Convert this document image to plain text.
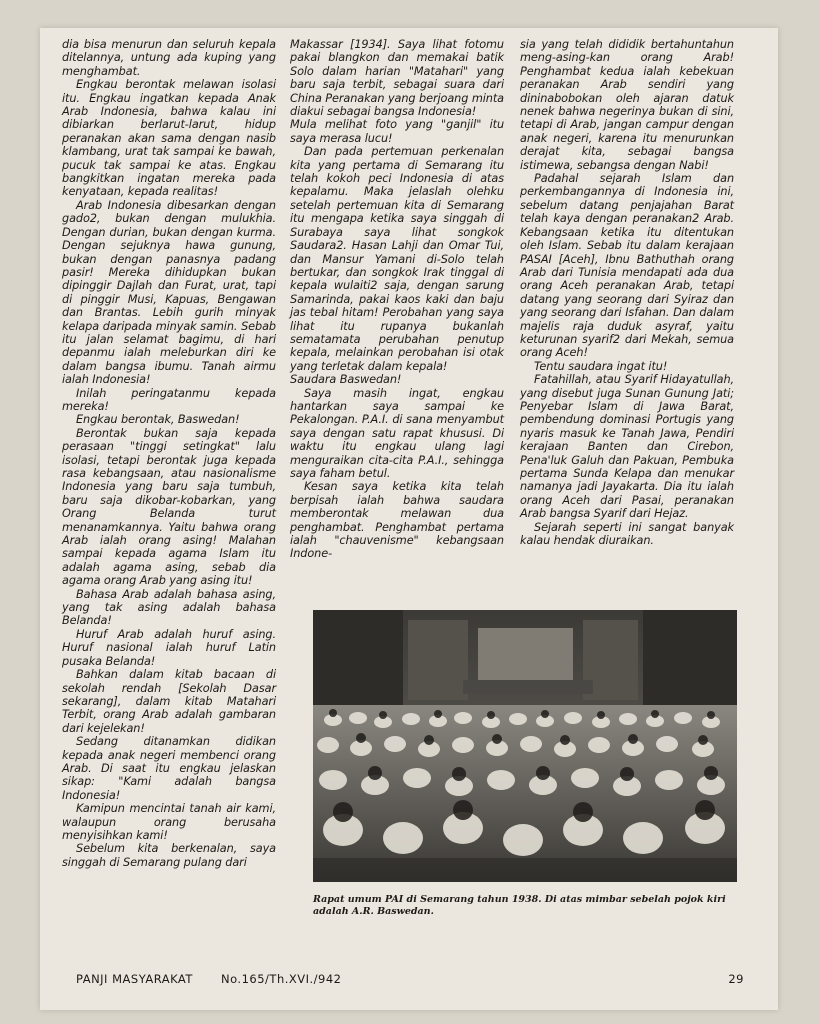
dia bisa menurun dan seluruh kepala ditelannya, untung ada kuping yang menghambat.

Engkau berontak melawan isolasi itu. Engkau ingatkan kepada Anak Arab Indonesia, bahwa kalau ini dibiarkan berlarut-larut, hidup peranakan akan sama dengan nasib klambang, urat tak sampai ke bawah, pucuk tak sampai ke atas. Engkau bangkitkan ingatan mereka pada kenyataan, kepada realitas!

Arab Indonesia dibesarkan dengan gado2, bukan dengan mulukhia. Dengan durian, bukan dengan kurma. Dengan sejuknya hawa gunung, bukan dengan panasnya padang pasir! Mereka dihidupkan bukan dipinggir Dajlah dan Furat, urat, tapi di pinggir Musi, Kapuas, Bengawan dan Brantas. Lebih gurih minyak kelapa daripada minyak samin. Sebab itu jalan selamat bagimu, di hari depanmu ialah meleburkan diri ke dalam bangsa ibumu. Tanah airmu ialah Indonesia!

Inilah peringatanmu kepada mereka!

Engkau berontak, Baswedan!

Berontak bukan saja kepada perasaan "tinggi setingkat" lalu isolasi, tetapi berontak juga kepada rasa kebangsaan, atau nasionalisme Indonesia yang baru saja tumbuh, baru saja dikobar-kobarkan, yang Orang Belanda turut menanamkannya. Yaitu bahwa orang Arab ialah orang asing! Malahan sampai kepada agama Islam itu adalah agama asing, sebab dia agama orang Arab yang asing itu!

Bahasa Arab adalah bahasa asing, yang tak asing adalah bahasa Belanda!

Huruf Arab adalah huruf asing. Huruf nasional ialah huruf Latin pusaka Belanda!

Bahkan dalam kitab bacaan di sekolah rendah [Sekolah Dasar sekarang], dalam kitab Matahari Terbit, orang Arab adalah gambaran dari kejelekan!

Sedang ditanamkan didikan kepada anak negeri membenci orang Arab. Di saat itu engkau jelaskan sikap: "Kami adalah bangsa Indonesia!

Kamipun mencintai tanah air kami, walaupun orang berusaha menyisihkan kami!

Sebelum kita berkenalan, saya singgah di Semarang pulang dari

Makassar [1934]. Saya lihat fotomu pakai blangkon dan memakai batik Solo dalam harian "Matahari" yang baru saja terbit, sebagai suara dari China Peranakan yang berjoang minta diakui sebagai bangsa Indonesia!

Mula melihat foto yang "ganjil" itu saya merasa lucu!

Dan pada pertemuan perkenalan kita yang pertama di Semarang itu telah kokoh peci Indonesia di atas kepalamu. Maka jelaslah olehku setelah pertemuan kita di Semarang itu mengapa ketika saya singgah di Surabaya saya lihat songkok Saudara2. Hasan Lahji dan Omar Tui, dan Mansur Yamani di-Solo telah bertukar, dan songkok Irak tinggal di kepala wulaiti2 saja, dengan sarung Samarinda, pakai kaos kaki dan baju jas tebal hitam! Perobahan yang saya lihat itu rupanya bukanlah sematamata perubahan penutup kepala, melainkan perobahan isi otak yang terletak dalam kepala!

Saudara Baswedan!

Saya masih ingat, engkau hantarkan saya sampai ke Pekalongan. P.A.I. di sana menyambut saya dengan satu rapat khususi. Di waktu itu engkau ulang lagi menguraikan cita-cita P.A.I., sehingga saya faham betul.

Kesan saya ketika kita telah berpisah ialah bahwa saudara memberontak melawan dua penghambat. Penghambat pertama ialah "chauvenisme" kebangsaan Indone-

sia yang telah dididik bertahuntahun meng-asing-kan orang Arab! Penghambat kedua ialah kebekuan peranakan Arab sendiri yang dininabobokan oleh ajaran datuk nenek bahwa negerinya bukan di sini, tetapi di Arab, jangan campur dengan anak negeri, karena itu menurunkan derajat kita, sebagai bangsa istimewa, sebangsa dengan Nabi!

Padahal sejarah Islam dan perkembangannya di Indonesia ini, sebelum datang penjajahan Barat telah kaya dengan peranakan2 Arab. Kebangsaan ketika itu ditentukan oleh Islam. Sebab itu dalam kerajaan PASAI [Aceh], Ibnu Bathuthah orang Arab dari Tunisia mendapati ada dua orang Aceh peranakan Arab, tetapi datang yang seorang dari Syiraz dan yang seorang dari Isfahan. Dan dalam majelis raja duduk asyraf, yaitu keturunan syarif2 dari Mekah, semua orang Aceh!

Tentu saudara ingat itu!

Fatahillah, atau Syarif Hidayatullah, yang disebut juga Sunan Gunung Jati; Penyebar Islam di Jawa Barat, pembendung dominasi Portugis yang nyaris masuk ke Tanah Jawa, Pendiri kerajaan Banten dan Cirebon, Pena'luk Galuh dan Pakuan, Pembuka pertama Sunda Kelapa dan menukar namanya jadi Jayakarta. Dia itu ialah orang Aceh dari Pasai, peranakan Arab bangsa Syarif dari Hejaz.

Sejarah seperti ini sangat banyak kalau hendak diuraikan.

Rapat umum PAI di Semarang tahun 1938. Di atas mimbar sebelah pojok kiri adalah A.R. Baswedan.
PANJI MASYARAKAT No.165/Th.XVI./942	29
